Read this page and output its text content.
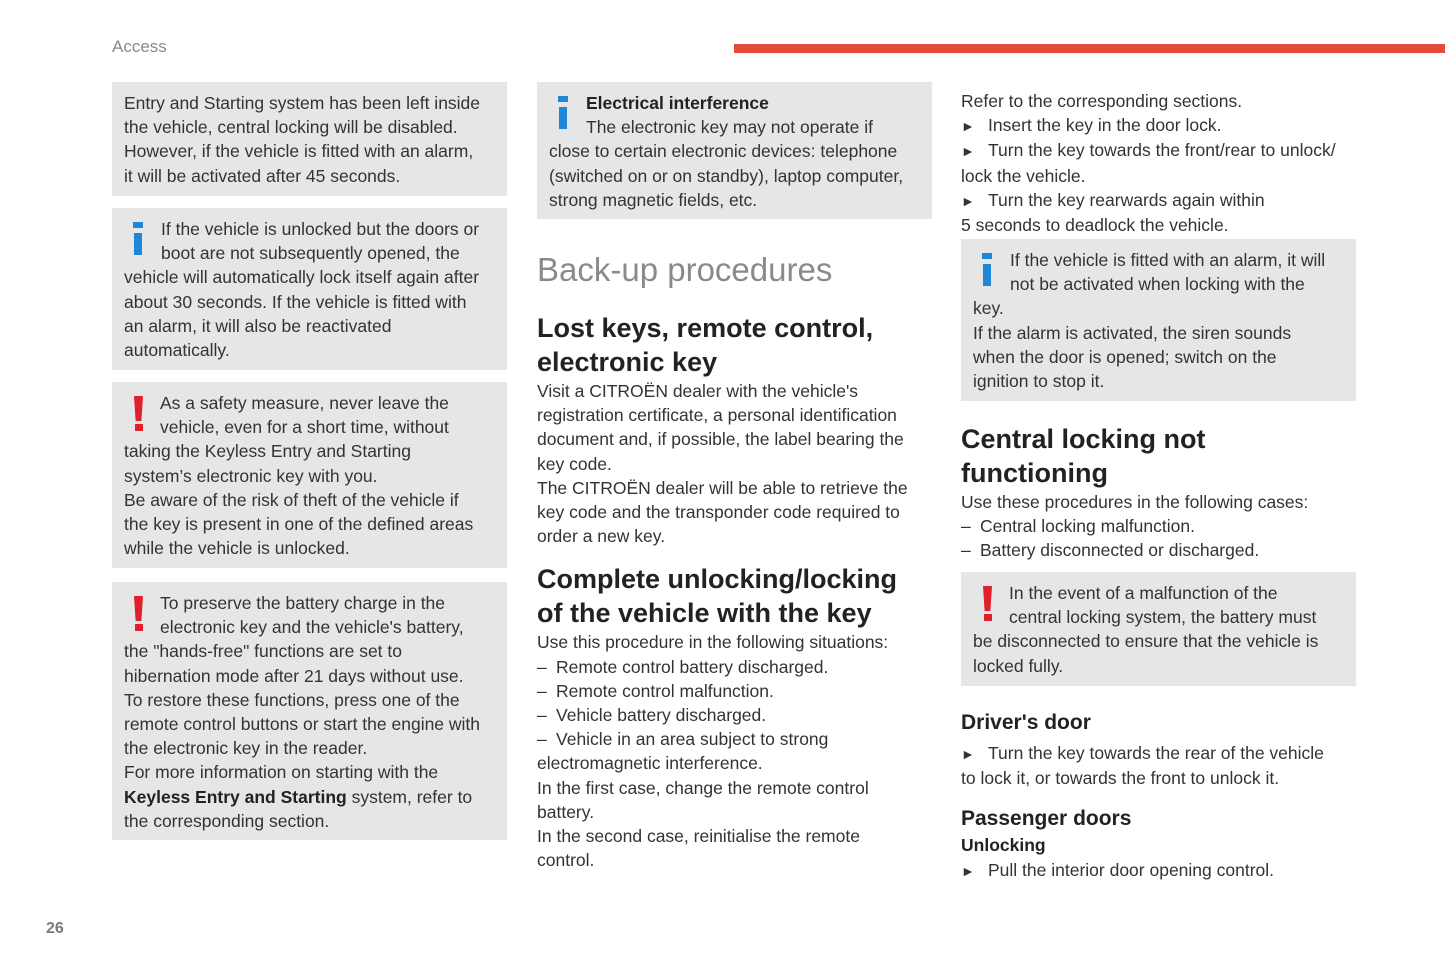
Access

Entry and Starting system has been left inside

the vehicle, central locking will be disabled.

However, if the vehicle is fitted with an alarm,

it will be activated after 45 seconds.

If the vehicle is unlocked but the doors or

boot are not subsequently opened, the

vehicle will automatically lock itself again after

about 30 seconds. If the vehicle is fitted with

an alarm, it will also be reactivated

automatically.

As a safety measure, never leave the

vehicle, even for a short time, without

taking the Keyless Entry and Starting

system’s electronic key with you.

Be aware of the risk of theft of the vehicle if

the key is present in one of the defined areas

while the vehicle is unlocked.

To preserve the battery charge in the

electronic key and the vehicle's battery,

the "hands-free" functions are set to

hibernation mode after 21 days without use.

To restore these functions, press one of the

remote control buttons or start the engine with

the electronic key in the reader.

For more information on starting with the

Keyless Entry and Starting system, refer to

the corresponding section.

Electrical interference

The electronic key may not operate if

close to certain electronic devices: telephone

(switched on or on standby), laptop computer,

strong magnetic fields, etc.

Back-up procedures
Lost keys, remote control,
electronic key

Visit a CITROËN dealer with the vehicle's

registration certificate, a personal identification

document and, if possible, the label bearing the

key code.

The CITROËN dealer will be able to retrieve the

key code and the transponder code required to

order a new key.

Complete unlocking/locking
of the vehicle with the key

Use this procedure in the following situations:

– Remote control battery discharged.

– Remote control malfunction.

– Vehicle battery discharged.

– Vehicle in an area subject to strong

electromagnetic interference.

In the first case, change the remote control

battery.

In the second case, reinitialise the remote

control.

Refer to the corresponding sections.

► Insert the key in the door lock.

► Turn the key towards the front/rear to unlock/

lock the vehicle.

► Turn the key rearwards again within

5 seconds to deadlock the vehicle.

If the vehicle is fitted with an alarm, it will

not be activated when locking with the

key.

If the alarm is activated, the siren sounds

when the door is opened; switch on the

ignition to stop it.

Central locking not
functioning

Use these procedures in the following cases:

– Central locking malfunction.

– Battery disconnected or discharged.

In the event of a malfunction of the

central locking system, the battery must

be disconnected to ensure that the vehicle is

locked fully.

Driver's door

► Turn the key towards the rear of the vehicle

to lock it, or towards the front to unlock it.

Passenger doors
Unlocking

► Pull the interior door opening control.

26
